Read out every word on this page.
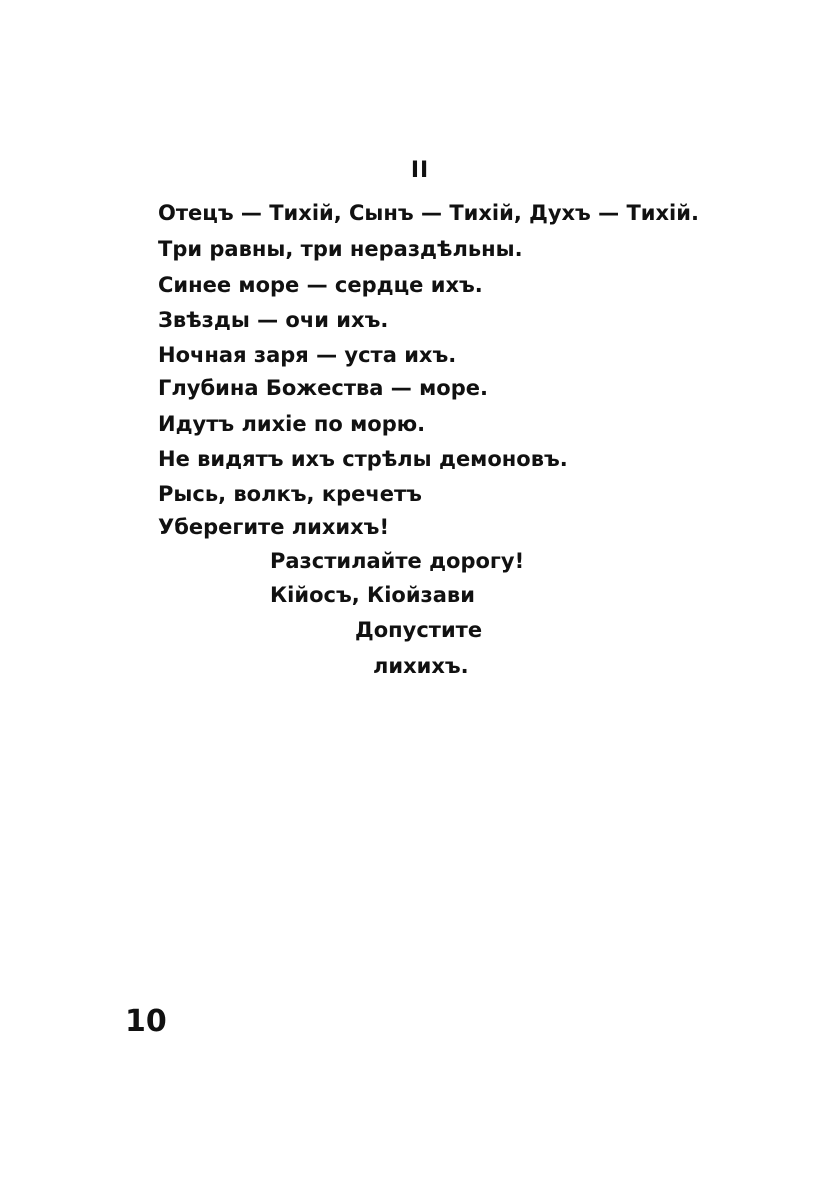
II
Отецъ — Тихій, Сынъ — Тихій, Духъ — Тихій.
Три равны, три нераздѣльны.
Синее море — сердце ихъ.
Звѣзды — очи ихъ.
Ночная заря — уста ихъ.
Глубина Божества — море.
Идутъ лихіе по морю.
Не видятъ ихъ стрѣлы демоновъ.
Рысь, волкъ, кречетъ
Уберегите лихихъ!
Разстилайте дорогу!
Кійосъ, Кіойзави
Допустите
лихихъ.
10
